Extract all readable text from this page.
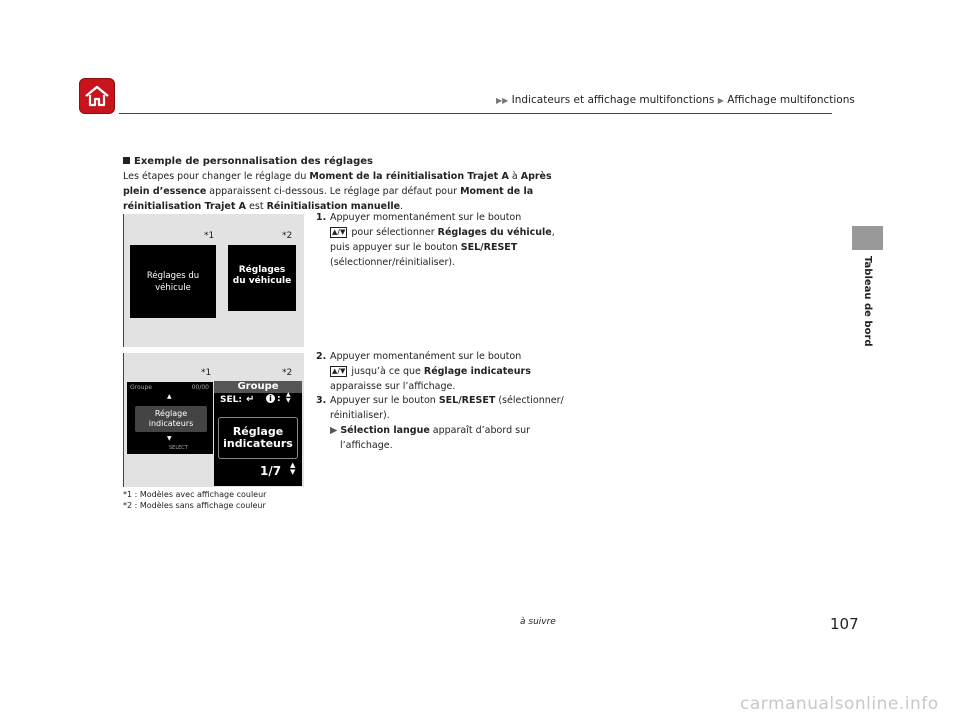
▶▶ Indicateurs et affichage multifonctions ▶ Affichage multifonctions
Tableau de bord
Exemple de personnalisation des réglages
Les étapes pour changer le réglage du Moment de la réinitialisation Trajet A à Après plein d’essence apparaissent ci-dessous. Le réglage par défaut pour Moment de la réinitialisation Trajet A est Réinitialisation manuelle.
*1	*2
Réglages du véhicule
Réglages du véhicule
*1	*2
Groupe	00/00
▲
Réglage indicateurs
▼
SELECT
Groupe
SEL: ↵	i : ▲
▼
Réglage indicateurs
1/7 ▲
▼
1. Appuyer momentanément sur le bouton
▲/▼ pour sélectionner Réglages du véhicule, puis appuyer sur le bouton SEL/RESET
(sélectionner/réinitialiser).
2. Appuyer momentanément sur le bouton
▲/▼ jusqu’à ce que Réglage indicateurs
apparaisse sur l’affichage.
3. Appuyer sur le bouton SEL/RESET (sélectionner/
réinitialiser).
▶ Sélection langue apparaît d’abord sur
l’affichage.
*1 : Modèles avec affichage couleur
*2 : Modèles sans affichage couleur
à suivre	107
carmanualsonline.info
